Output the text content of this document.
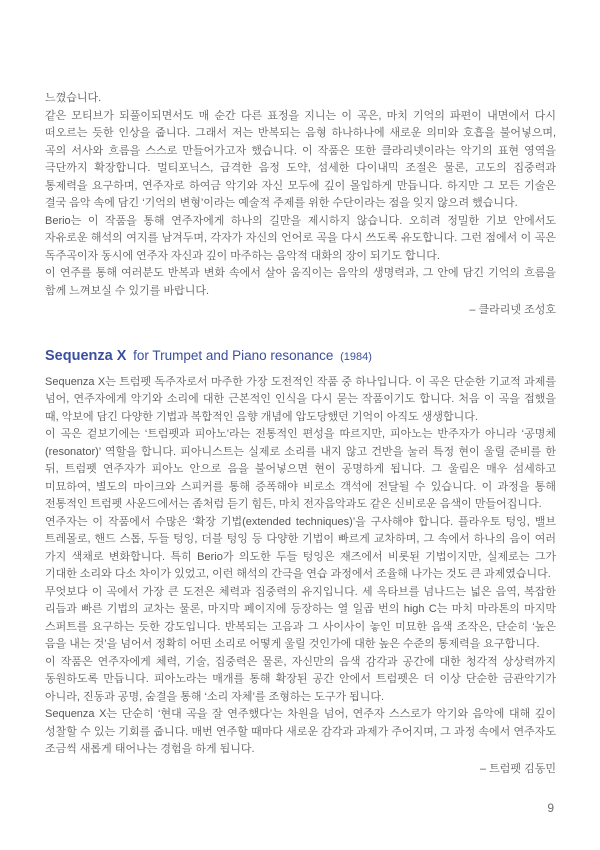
느꼈습니다.

같은 모티브가 되풀이되면서도 매 순간 다른 표정을 지니는 이 곡은, 마치 기억의 파편이 내면에서 다시 떠오르는 듯한 인상을 줍니다. 그래서 저는 반복되는 음형 하나하나에 새로운 의미와 호흡을 불어넣으며, 곡의 서사와 흐름을 스스로 만들어가고자 했습니다. 이 작품은 또한 클라리넷이라는 악기의 표현 영역을 극단까지 확장합니다. 멀티포닉스, 급격한 음정 도약, 섬세한 다이내믹 조절은 물론, 고도의 집중력과 통제력을 요구하며, 연주자로 하여금 악기와 자신 모두에 깊이 몰입하게 만듭니다. 하지만 그 모든 기술은 결국 음악 속에 담긴 ‘기억의 변형’이라는 예술적 주제를 위한 수단이라는 점을 잊지 않으려 했습니다.

Berio는 이 작품을 통해 연주자에게 하나의 길만을 제시하지 않습니다. 오히려 정밀한 기보 안에서도 자유로운 해석의 여지를 남겨두며, 각자가 자신의 언어로 곡을 다시 쓰도록 유도합니다. 그런 점에서 이 곡은 독주곡이자 동시에 연주자 자신과 깊이 마주하는 음악적 대화의 장이 되기도 합니다.

이 연주를 통해 여러분도 반복과 변화 속에서 살아 움직이는 음악의 생명력과, 그 안에 담긴 기억의 흐름을 함께 느껴보실 수 있기를 바랍니다.

– 클라리넷 조성호

Sequenza X for Trumpet and Piano resonance (1984)

Sequenza X는 트럼펫 독주자로서 마주한 가장 도전적인 작품 중 하나입니다. 이 곡은 단순한 기교적 과제를 넘어, 연주자에게 악기와 소리에 대한 근본적인 인식을 다시 묻는 작품이기도 합니다. 처음 이 곡을 접했을 때, 악보에 담긴 다양한 기법과 복합적인 음향 개념에 압도당했던 기억이 아직도 생생합니다.

이 곡은 겉보기에는 ‘트럼펫과 피아노’라는 전통적인 편성을 따르지만, 피아노는 반주자가 아니라 ‘공명체(resonator)’ 역할을 합니다. 피아니스트는 실제로 소리를 내지 않고 건반을 눌러 특정 현이 울릴 준비를 한 뒤, 트럼펫 연주자가 피아노 안으로 음을 불어넣으면 현이 공명하게 됩니다. 그 울림은 매우 섬세하고 미묘하여, 별도의 마이크와 스피커를 통해 증폭해야 비로소 객석에 전달될 수 있습니다. 이 과정을 통해 전통적인 트럼펫 사운드에서는 좀처럼 듣기 힘든, 마치 전자음악과도 같은 신비로운 음색이 만들어집니다.

연주자는 이 작품에서 수많은 ‘확장 기법(extended techniques)’을 구사해야 합니다. 플라우토 텅잉, 밸브 트레몰로, 핸드 스톱, 두들 텅잉, 더블 텅잉 등 다양한 기법이 빠르게 교차하며, 그 속에서 하나의 음이 여러 가지 색채로 변화합니다. 특히 Berio가 의도한 두들 텅잉은 재즈에서 비롯된 기법이지만, 실제로는 그가 기대한 소리와 다소 차이가 있었고, 이런 해석의 간극을 연습 과정에서 조율해 나가는 것도 큰 과제였습니다.

무엇보다 이 곡에서 가장 큰 도전은 체력과 집중력의 유지입니다. 세 옥타브를 넘나드는 넓은 음역, 복잡한 리듬과 빠른 기법의 교차는 물론, 마지막 페이지에 등장하는 열 일곱 번의 high C는 마치 마라톤의 마지막 스퍼트를 요구하는 듯한 강도입니다. 반복되는 고음과 그 사이사이 놓인 미묘한 음색 조작은, 단순히 ‘높은 음을 내는 것’을 넘어서 정확히 어떤 소리로 어떻게 울릴 것인가에 대한 높은 수준의 통제력을 요구합니다.

이 작품은 연주자에게 체력, 기술, 집중력은 물론, 자신만의 음색 감각과 공간에 대한 청각적 상상력까지 동원하도록 만듭니다. 피아노라는 매개를 통해 확장된 공간 안에서 트럼펫은 더 이상 단순한 금관악기가 아니라, 진동과 공명, 숨결을 통해 ‘소리 자체’를 조형하는 도구가 됩니다.

Sequenza X는 단순히 ‘현대 곡을 잘 연주했다’는 차원을 넘어, 연주자 스스로가 악기와 음악에 대해 깊이 성찰할 수 있는 기회를 줍니다. 매번 연주할 때마다 새로운 감각과 과제가 주어지며, 그 과정 속에서 연주자도 조금씩 새롭게 태어나는 경험을 하게 됩니다.

– 트럼펫 김동민

9
